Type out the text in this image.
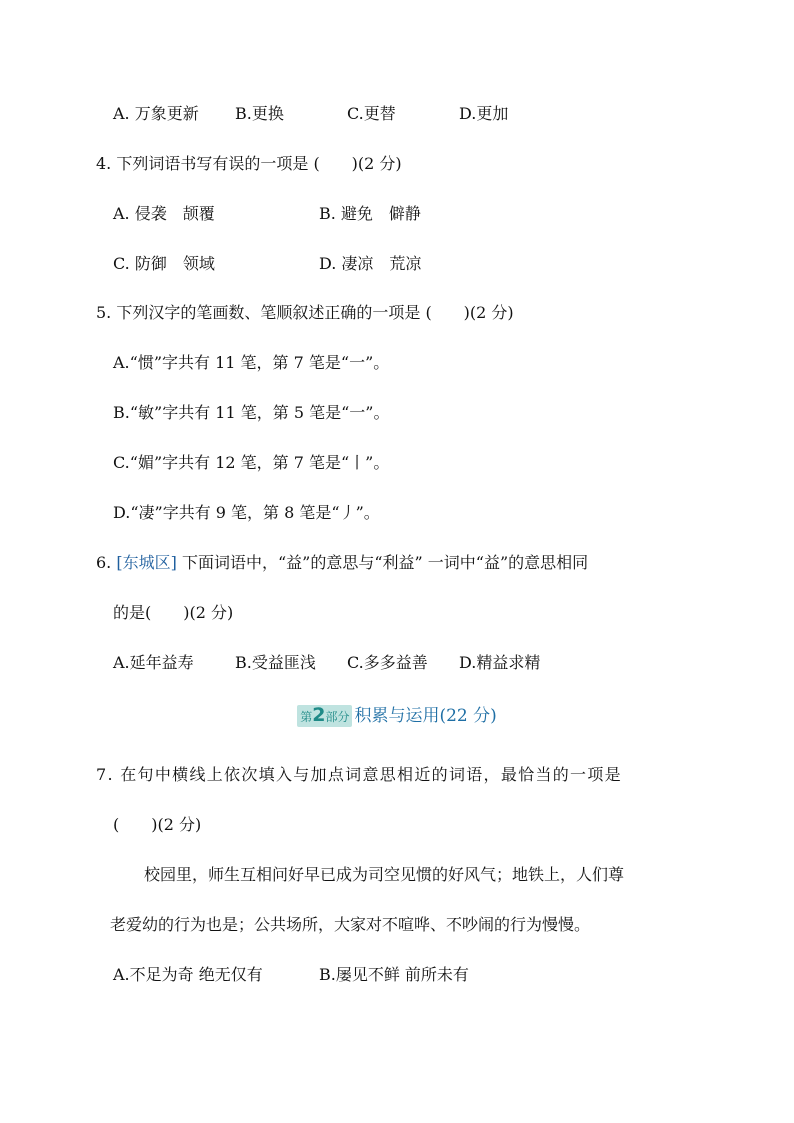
A. 万象更新 B.更换	C.更替	D.更加
4. 下列词语书写有误的一项是 (　　)(2 分)
A. 侵袭　颉覆	B. 避免　僻静
C. 防御　领域	D. 凄凉　荒凉
5. 下列汉字的笔画数、笔顺叙述正确的一项是 (　　)(2 分)
A.“惯”字共有 11 笔，第 7 笔是“一”。
B.“敏”字共有 11 笔，第 5 笔是“一”。
C.“媚”字共有 12 笔，第 7 笔是“丨”。
D.“凄”字共有 9 笔，第 8 笔是“丿”。
6. [东城区] 下面词语中，“益”的意思与“利益” 一词中“益”的意思相同
的是(　　)(2 分)
A.延年益寿	B.受益匪浅 C.多多益善 D.精益求精
第2部分 积累与运用(22 分)
7. 在句中横线上依次填入与加点词意思相近的词语，最恰当的一项是
(　　)(2 分)
校园里，师生互相问好早已成为司空见惯的好风气；地铁上，人们尊
老爱幼的行为也是；公共场所，大家对不喧哗、不吵闹的行为慢慢。
A.不足为奇 绝无仅有	B.屡见不鲜 前所未有
